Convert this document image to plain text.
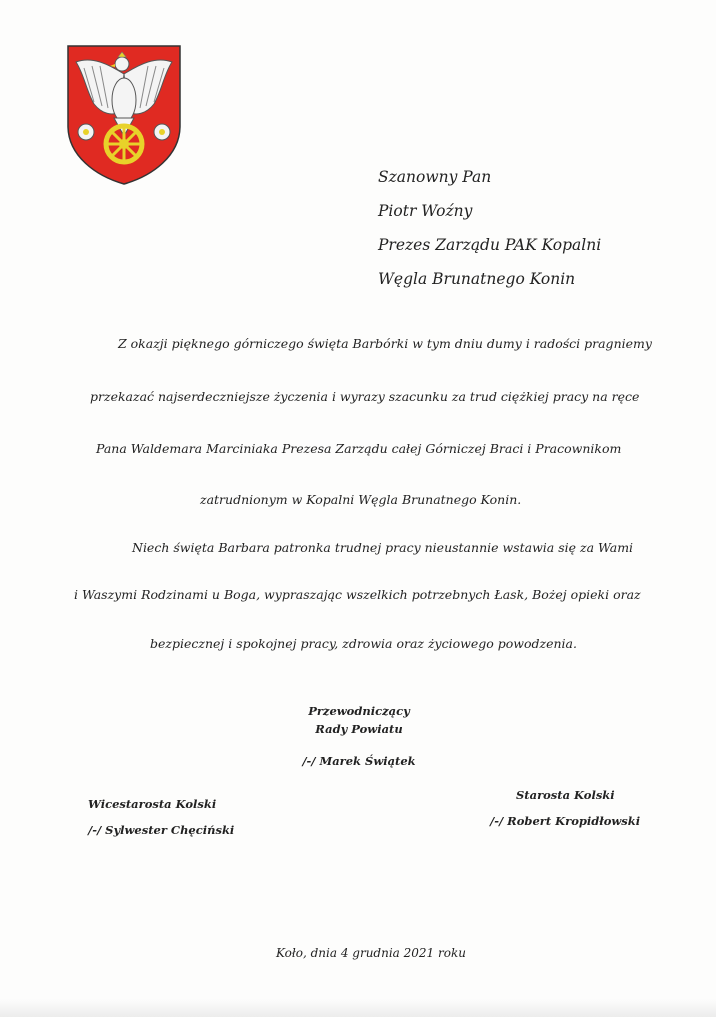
Szanowny Pan
Piotr Woźny
Prezes Zarządu PAK Kopalni
Węgla Brunatnego Konin
Z okazji pięknego górniczego święta Barbórki w tym dniu dumy i radości pragniemy
przekazać najserdeczniejsze życzenia i wyrazy szacunku za trud ciężkiej pracy na ręce
Pana Waldemara Marciniaka Prezesa Zarządu całej Górniczej Braci i Pracownikom
zatrudnionym w Kopalni Węgla Brunatnego Konin.
Niech święta Barbara patronka trudnej pracy nieustannie wstawia się za Wami
i Waszymi Rodzinami u Boga, wypraszając wszelkich potrzebnych Łask, Bożej opieki oraz
bezpiecznej i spokojnej pracy, zdrowia oraz życiowego powodzenia.
Przewodniczący
Rady Powiatu
/-/ Marek Świątek
Wicestarosta Kolski
/-/ Sylwester Chęciński
Starosta Kolski
/-/ Robert Kropidłowski
Koło, dnia 4 grudnia 2021 roku
